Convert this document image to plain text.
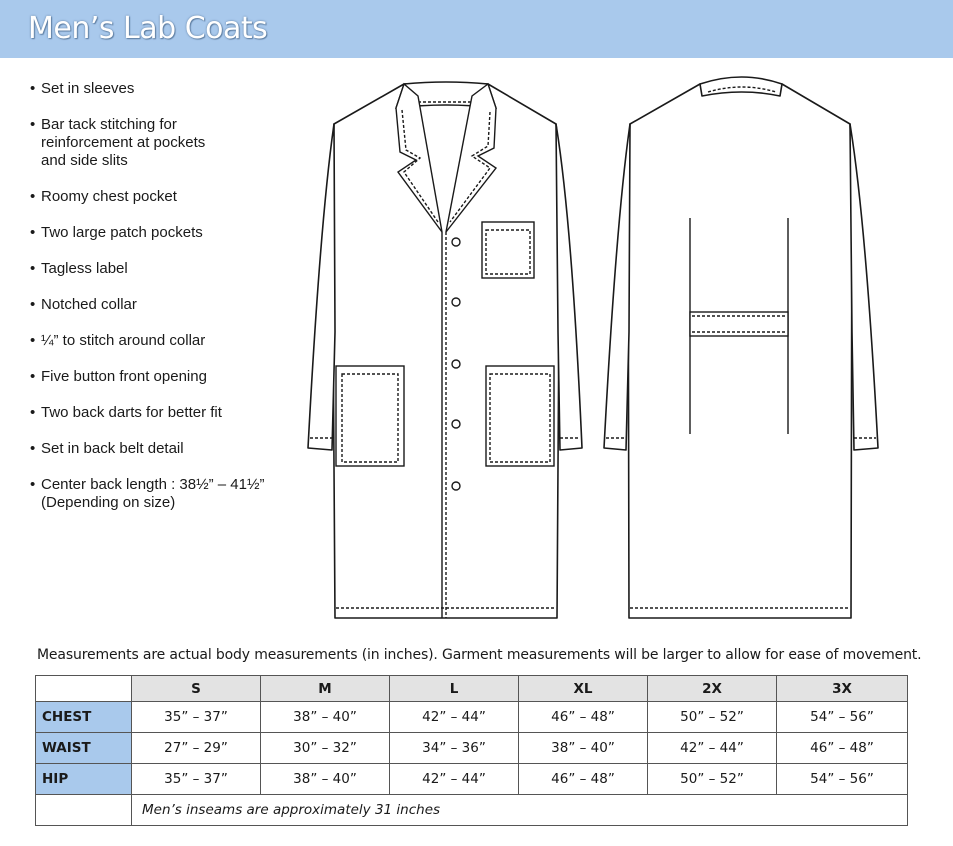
Men’s Lab Coats
• Set in sleeves
• Bar tack stitching for
reinforcement at pockets
and side slits
• Roomy chest pocket
• Two large patch pockets
• Tagless label
• Notched collar
• ¼” to stitch around collar
• Five button front opening
• Two back darts for better fit
• Set in back belt detail
• Center back length : 38½” – 41½”
(Depending on size)
Measurements are actual body measurements (in inches). Garment measurements will be larger to allow for ease of movement.
	S	M	L	XL	2X	3X
CHEST	35” – 37”	38” – 40”	42” – 44”	46” – 48”	50” – 52”	54” – 56”
WAIST	27” – 29”	30” – 32”	34” – 36”	38” – 40”	42” – 44”	46” – 48”
HIP	35” – 37”	38” – 40”	42” – 44”	46” – 48”	50” – 52”	54” – 56”
	Men’s inseams are approximately 31 inches					
